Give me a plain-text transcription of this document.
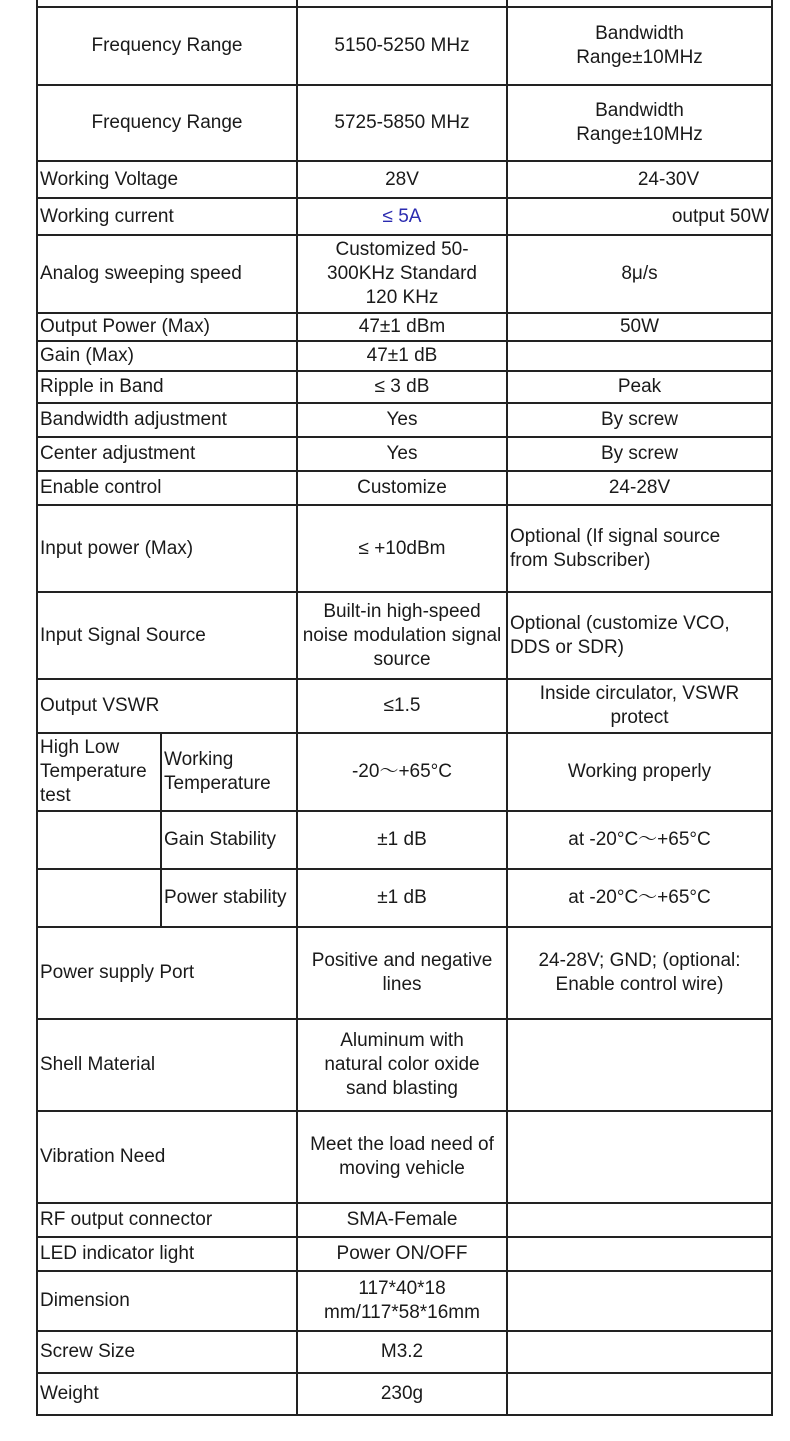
Frequency Range		5150-5250 MHz	Bandwidth Range±10MHz
Frequency Range		5725-5850 MHz	Bandwidth Range±10MHz
Working Voltage		28V	24-30V
Working current		≤ 5A	output 50W
Analog sweeping speed		Customized 50-300KHz Standard 120 KHz	8μ/s
Output Power (Max)		47±1 dBm	50W
Gain (Max)		47±1 dB	
Ripple in Band		≤ 3 dB	Peak
Bandwidth adjustment		Yes	By screw
Center adjustment		Yes	By screw
Enable control		Customize	24-28V
Input power (Max)		≤ +10dBm	Optional (If signal source from Subscriber)
Input Signal Source		Built-in high-speed noise modulation signal source	Optional (customize VCO, DDS or SDR)
Output VSWR		≤1.5	Inside circulator, VSWR protect
High Low Temperature test	Working Temperature	-20～+65°C	Working properly
	Gain Stability	±1 dB	at -20°C～+65°C
	Power stability	±1 dB	at -20°C～+65°C
Power supply Port		Positive and negative lines	24-28V; GND; (optional: Enable control wire)
Shell Material		Aluminum with natural color oxide sand blasting	
Vibration Need		Meet the load need of moving vehicle	
RF output connector		SMA-Female	
LED indicator light		Power ON/OFF	
Dimension		117*40*18 mm/117*58*16mm	
Screw Size		M3.2	
Weight		230g	
